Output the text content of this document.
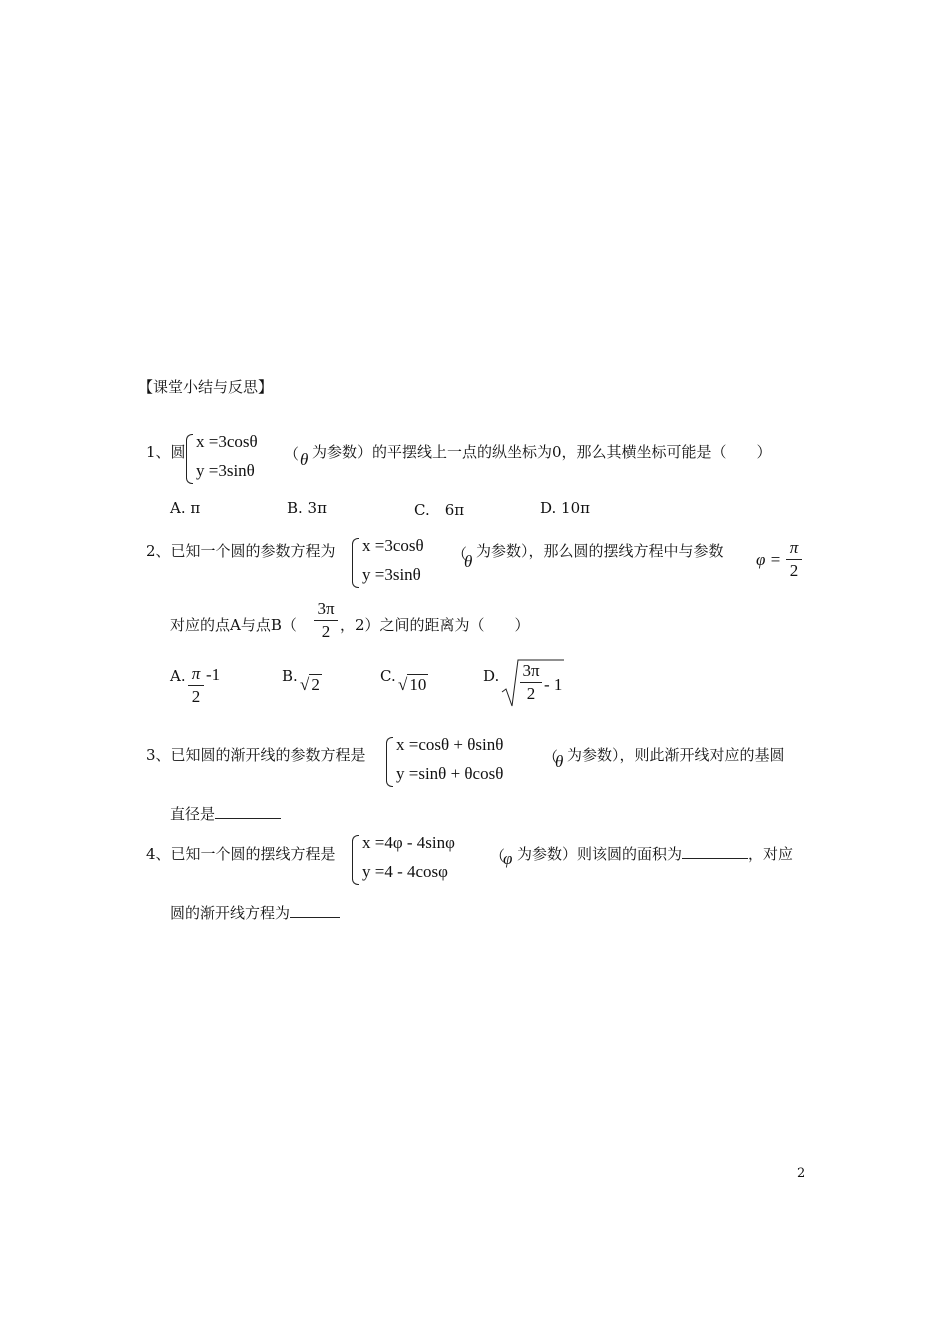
【课堂小结与反思】
1、圆
x =3cosθ
y =3sinθ
（ θ 为参数）的平摆线上一点的纵坐标为0，那么其横坐标可能是（　　）
A. π	B. 3π	C.　6π	D. 10π
2、已知一个圆的参数方程为 x =3cosθ
y =3sinθ
（
θ
为参数），那么圆的摆线方程中与参数 φ =
π
2
对应的点A与点B（
3π
2 ，2）之间的距离为（　　）
A. π
2
-1	B. √ 2	C. √ 10	D. 3π
2 - 1
3、已知圆的渐开线的参数方程是
x =cosθ + θsinθ
y =sinθ + θcosθ
（
θ 为参数），则此渐开线对应的基圆
直径是
4、已知一个圆的摆线方程是
x =4φ - 4sinφ
y =4 - 4cosφ
（
φ 为参数）则该圆的面积为	，对应
圆的渐开线方程为
2
